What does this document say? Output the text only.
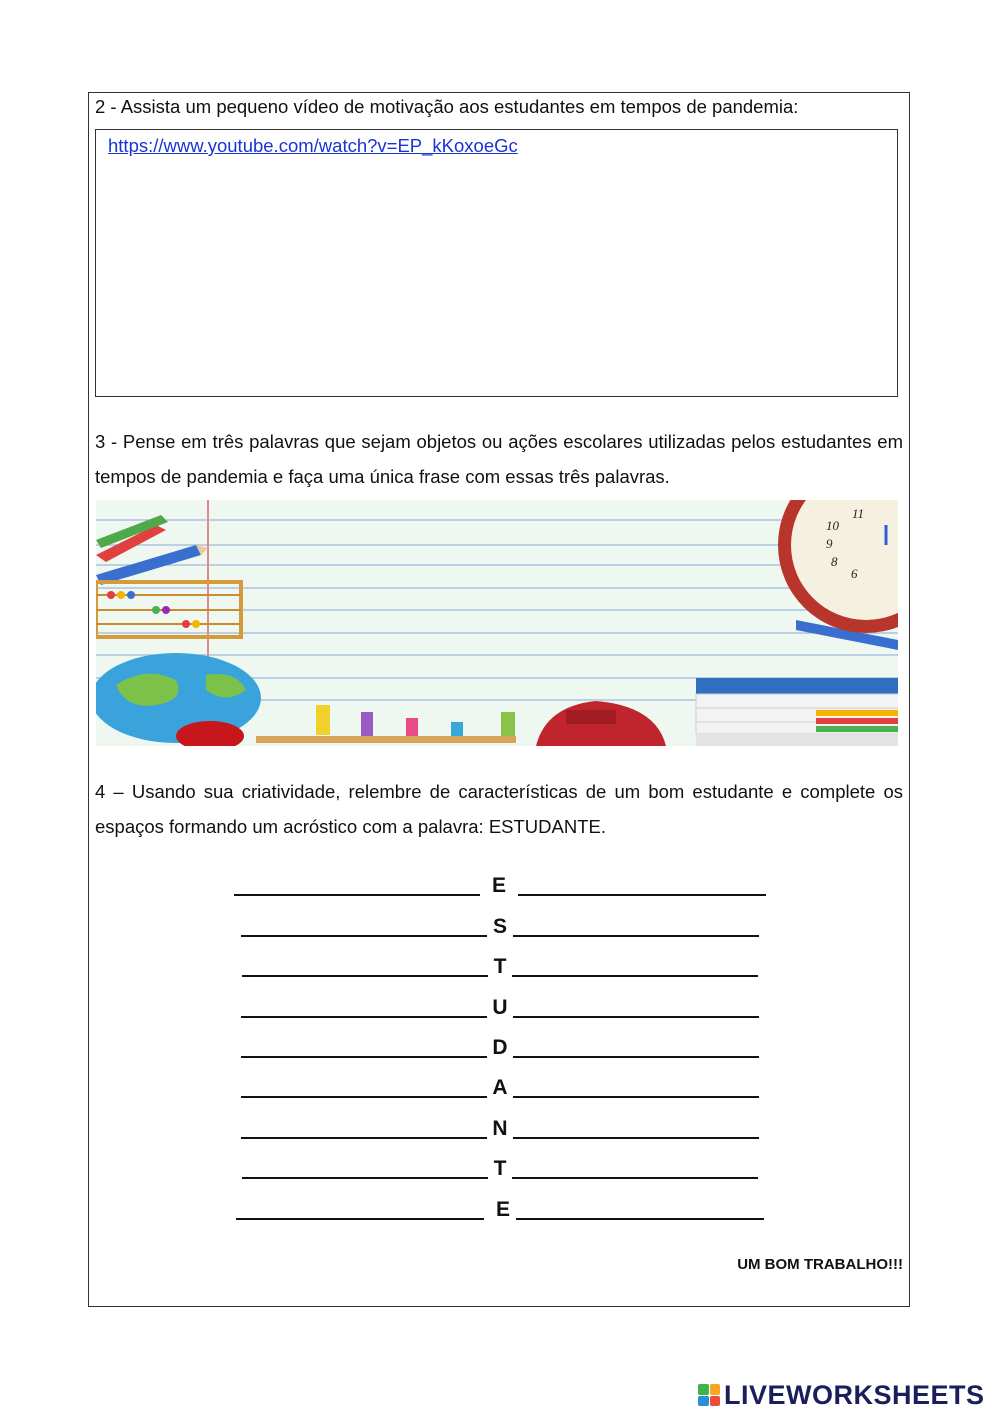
2 - Assista um pequeno vídeo de motivação aos estudantes em tempos de pandemia:
https://www.youtube.com/watch?v=EP_kKoxoeGc
3 - Pense em três palavras que sejam objetos ou ações escolares utilizadas pelos estudantes em tempos de pandemia e faça uma única frase com essas três palavras.
10
11
9
8
6
4 – Usando sua criatividade, relembre de características de um bom estudante e complete os espaços formando um acróstico com a palavra: ESTUDANTE.
E
S
T
U
D
A
N
T
E
UM BOM TRABALHO!!!
LIVEWORKSHEETS
